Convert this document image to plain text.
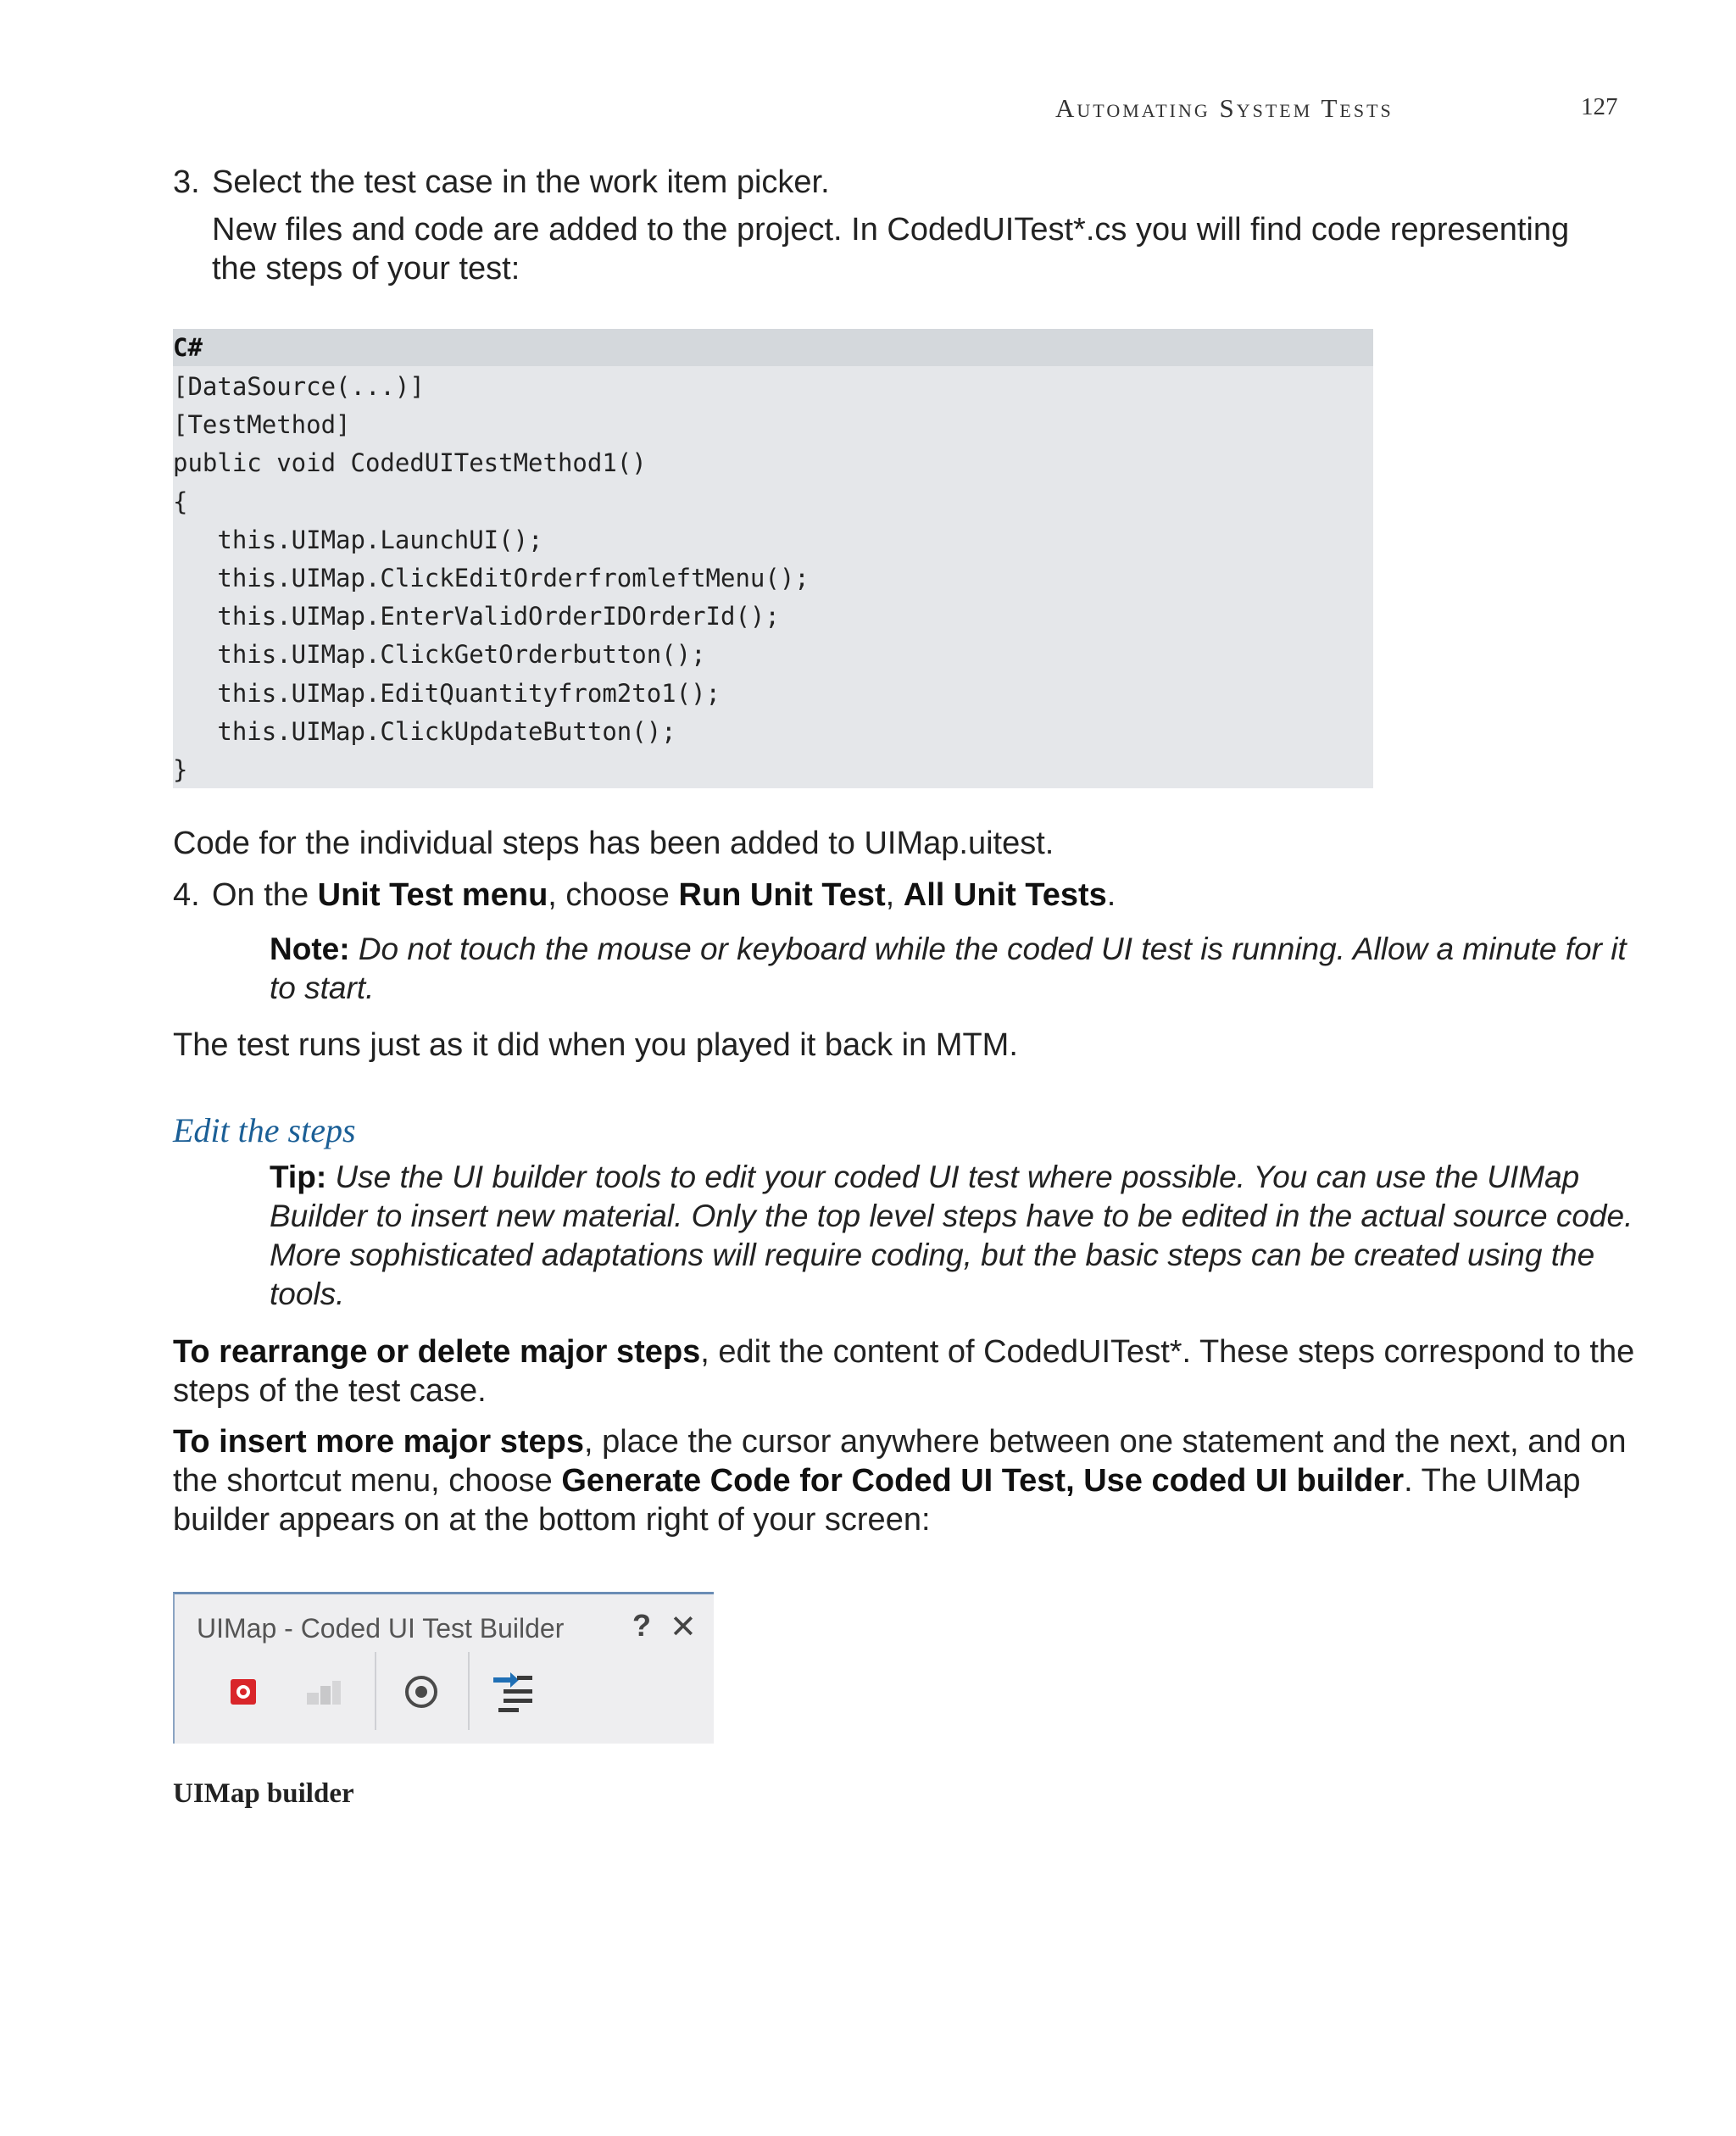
Automating System Tests	127
3. Select the test case in the work item picker.
New files and code are added to the project. In CodedUITest*.cs you will find code representing
the steps of your test:
C#
[DataSource(...)]
[TestMethod]
public void CodedUITestMethod1()
{
this.UIMap.LaunchUI();
this.UIMap.ClickEditOrderfromleftMenu();
this.UIMap.EnterValidOrderIDOrderId();
this.UIMap.ClickGetOrderbutton();
this.UIMap.EditQuantityfrom2to1();
this.UIMap.ClickUpdateButton();
}
Code for the individual steps has been added to UIMap.uitest.
4. On the Unit Test menu, choose Run Unit Test, All Unit Tests.
Note: Do not touch the mouse or keyboard while the coded UI test is running. Allow a minute for it
to start.
The test runs just as it did when you played it back in MTM.
Edit the steps
Tip: Use the UI builder tools to edit your coded UI test where possible. You can use the UIMap
Builder to insert new material. Only the top level steps have to be edited in the actual source code.
More sophisticated adaptations will require coding, but the basic steps can be created using the
tools.
To rearrange or delete major steps, edit the content of CodedUITest*. These steps correspond to the
steps of the test case.
To insert more major steps, place the cursor anywhere between one statement and the next, and on
the shortcut menu, choose Generate Code for Coded UI Test, Use coded UI builder. The UIMap
builder appears on at the bottom right of your screen:
UIMap - Coded UI Test Builder ? ✕
UIMap builder
